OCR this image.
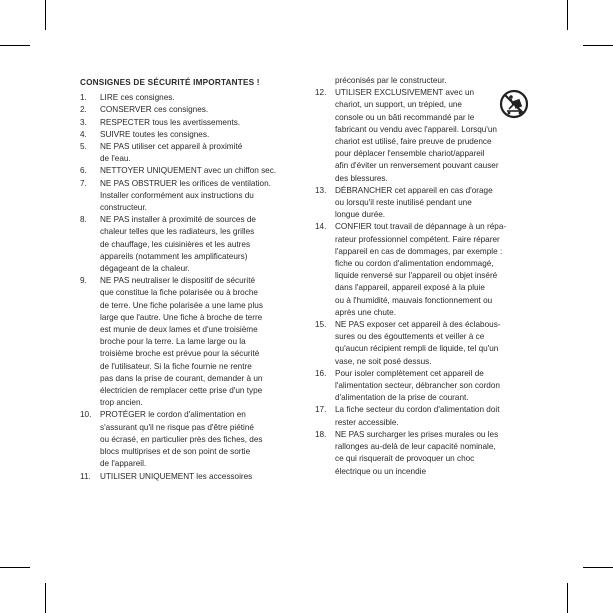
CONSIGNES DE SÉCURITÉ IMPORTANTES !
1.	LIRE ces consignes.
2.	CONSERVER ces consignes.
3.	RESPECTER tous les avertissements.
4.	SUIVRE toutes les consignes.
5.	NE PAS utiliser cet appareil à proximité
de l'eau.
6.	NETTOYER UNIQUEMENT avec un chiffon sec.
7.	NE PAS OBSTRUER les orifices de ventilation.
Installer conformément aux instructions du
constructeur.
8.	NE PAS installer à proximité de sources de
chaleur telles que les radiateurs, les grilles
de chauffage, les cuisinières et les autres
appareils (notamment les amplificateurs)
dégageant de la chaleur.
9.	NE PAS neutraliser le dispositif de sécurité
que constitue la fiche polarisée ou à broche
de terre. Une fiche polarisée a une lame plus
large que l'autre. Une fiche à broche de terre
est munie de deux lames et d'une troisième
broche pour la terre. La lame large ou la
troisième broche est prévue pour la sécurité
de l'utilisateur. Si la fiche fournie ne rentre
pas dans la prise de courant, demander à un
électricien de remplacer cette prise d'un type
trop ancien.
10.	PROTÉGER le cordon d'alimentation en
s'assurant qu'il ne risque pas d'être piétiné
ou écrasé, en particulier près des fiches, des
blocs multiprises et de son point de sortie
de l'appareil.
11.	UTILISER UNIQUEMENT les accessoires
préconisés par le constructeur.
12.	UTILISER EXCLUSIVEMENT avec un
chariot, un support, un trépied, une
console ou un bâti recommandé par le
fabricant ou vendu avec l'appareil. Lorsqu'un
chariot est utilisé, faire preuve de prudence
pour déplacer l'ensemble chariot/appareil
afin d'éviter un renversement pouvant causer
des blessures.
13.	DÉBRANCHER cet appareil en cas d'orage
ou lorsqu'il reste inutilisé pendant une
longue durée.
14.	CONFIER tout travail de dépannage à un répa-
rateur professionnel compétent. Faire réparer
l'appareil en cas de dommages, par exemple :
fiche ou cordon d'alimentation endommagé,
liquide renversé sur l'appareil ou objet inséré
dans l'appareil, appareil exposé à la pluie
ou à l'humidité, mauvais fonctionnement ou
après une chute.
15.	NE PAS exposer cet appareil à des éclabous-
sures ou des égouttements et veiller à ce
qu'aucun récipient rempli de liquide, tel qu'un
vase, ne soit posé dessus.
16.	Pour isoler complètement cet appareil de
l'alimentation secteur, débrancher son cordon
d'alimentation de la prise de courant.
17.	La fiche secteur du cordon d'alimentation doit
rester accessible.
18.	NE PAS surcharger les prises murales ou les
rallonges au-delà de leur capacité nominale,
ce qui risquerait de provoquer un choc
électrique ou un incendie
